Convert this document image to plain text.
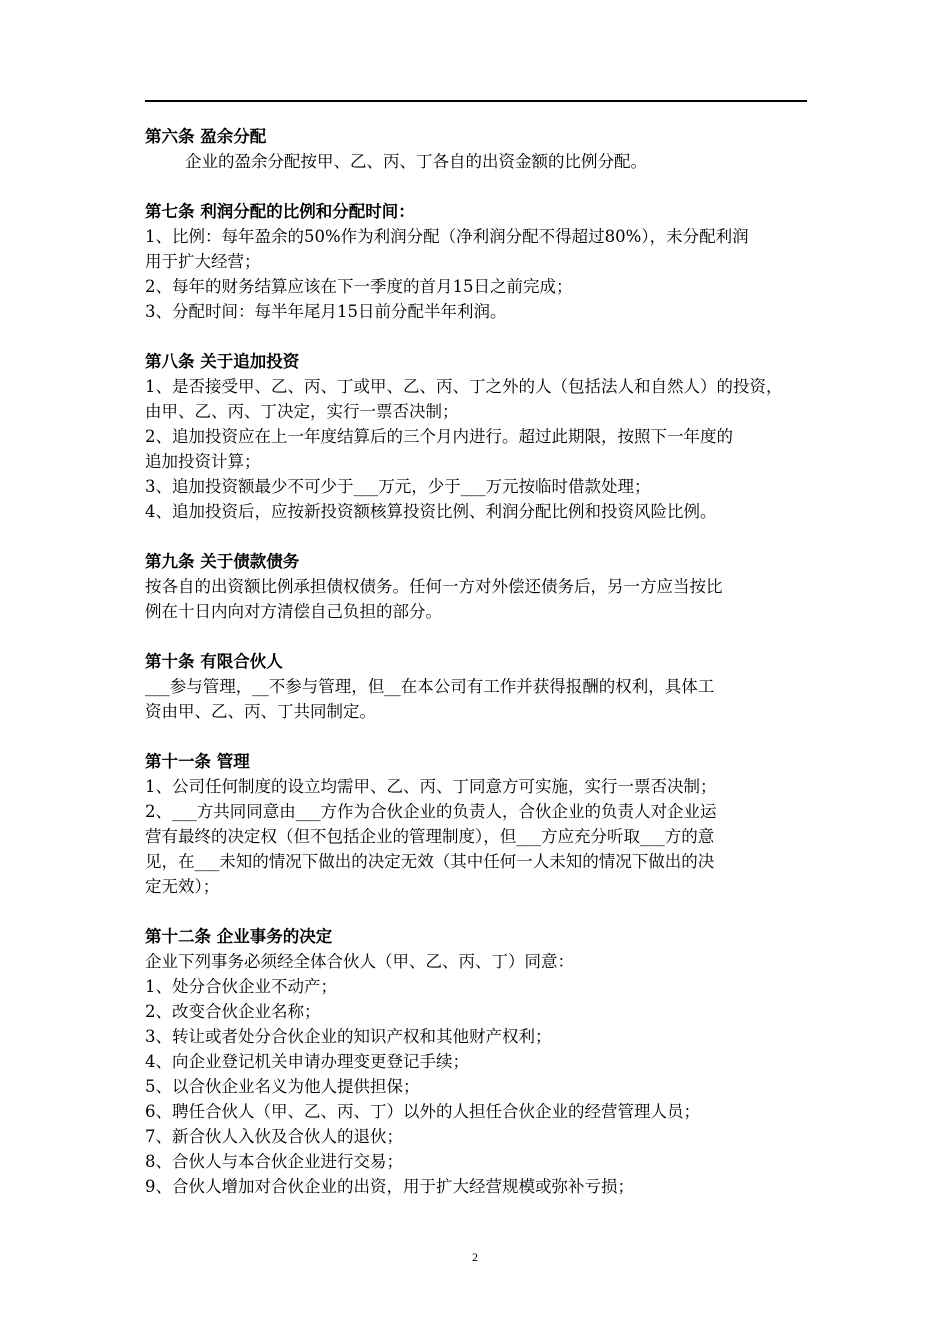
第六条 盈余分配
企业的盈余分配按甲、乙、丙、丁各自的出资金额的比例分配。
第七条 利润分配的比例和分配时间：
1、比例：每年盈余的50%作为利润分配（净利润分配不得超过80%），未分配利润
用于扩大经营；
2、每年的财务结算应该在下一季度的首月15日之前完成；
3、分配时间：每半年尾月15日前分配半年利润。
第八条 关于追加投资
1、是否接受甲、乙、丙、丁或甲、乙、丙、丁之外的人（包括法人和自然人）的投资，
由甲、乙、丙、丁决定，实行一票否决制；
2、追加投资应在上一年度结算后的三个月内进行。超过此期限，按照下一年度的
追加投资计算；
3、追加投资额最少不可少于___万元，少于___万元按临时借款处理；
4、追加投资后，应按新投资额核算投资比例、利润分配比例和投资风险比例。
第九条 关于债款债务
按各自的出资额比例承担债权债务。任何一方对外偿还债务后，另一方应当按比
例在十日内向对方清偿自己负担的部分。
第十条 有限合伙人
___参与管理，__不参与管理，但__在本公司有工作并获得报酬的权利，具体工
资由甲、乙、丙、丁共同制定。
第十一条 管理
1、公司任何制度的设立均需甲、乙、丙、丁同意方可实施，实行一票否决制；
2、___方共同同意由___方作为合伙企业的负责人，合伙企业的负责人对企业运
营有最终的决定权（但不包括企业的管理制度），但___方应充分听取___方的意
见，在___未知的情况下做出的决定无效（其中任何一人未知的情况下做出的决
定无效）；
第十二条 企业事务的决定
企业下列事务必须经全体合伙人（甲、乙、丙、丁）同意：
1、处分合伙企业不动产；
2、改变合伙企业名称；
3、转让或者处分合伙企业的知识产权和其他财产权利；
4、向企业登记机关申请办理变更登记手续；
5、以合伙企业名义为他人提供担保；
6、聘任合伙人（甲、乙、丙、丁）以外的人担任合伙企业的经营管理人员；
7、新合伙人入伙及合伙人的退伙；
8、合伙人与本合伙企业进行交易；
9、合伙人增加对合伙企业的出资，用于扩大经营规模或弥补亏损；
2
